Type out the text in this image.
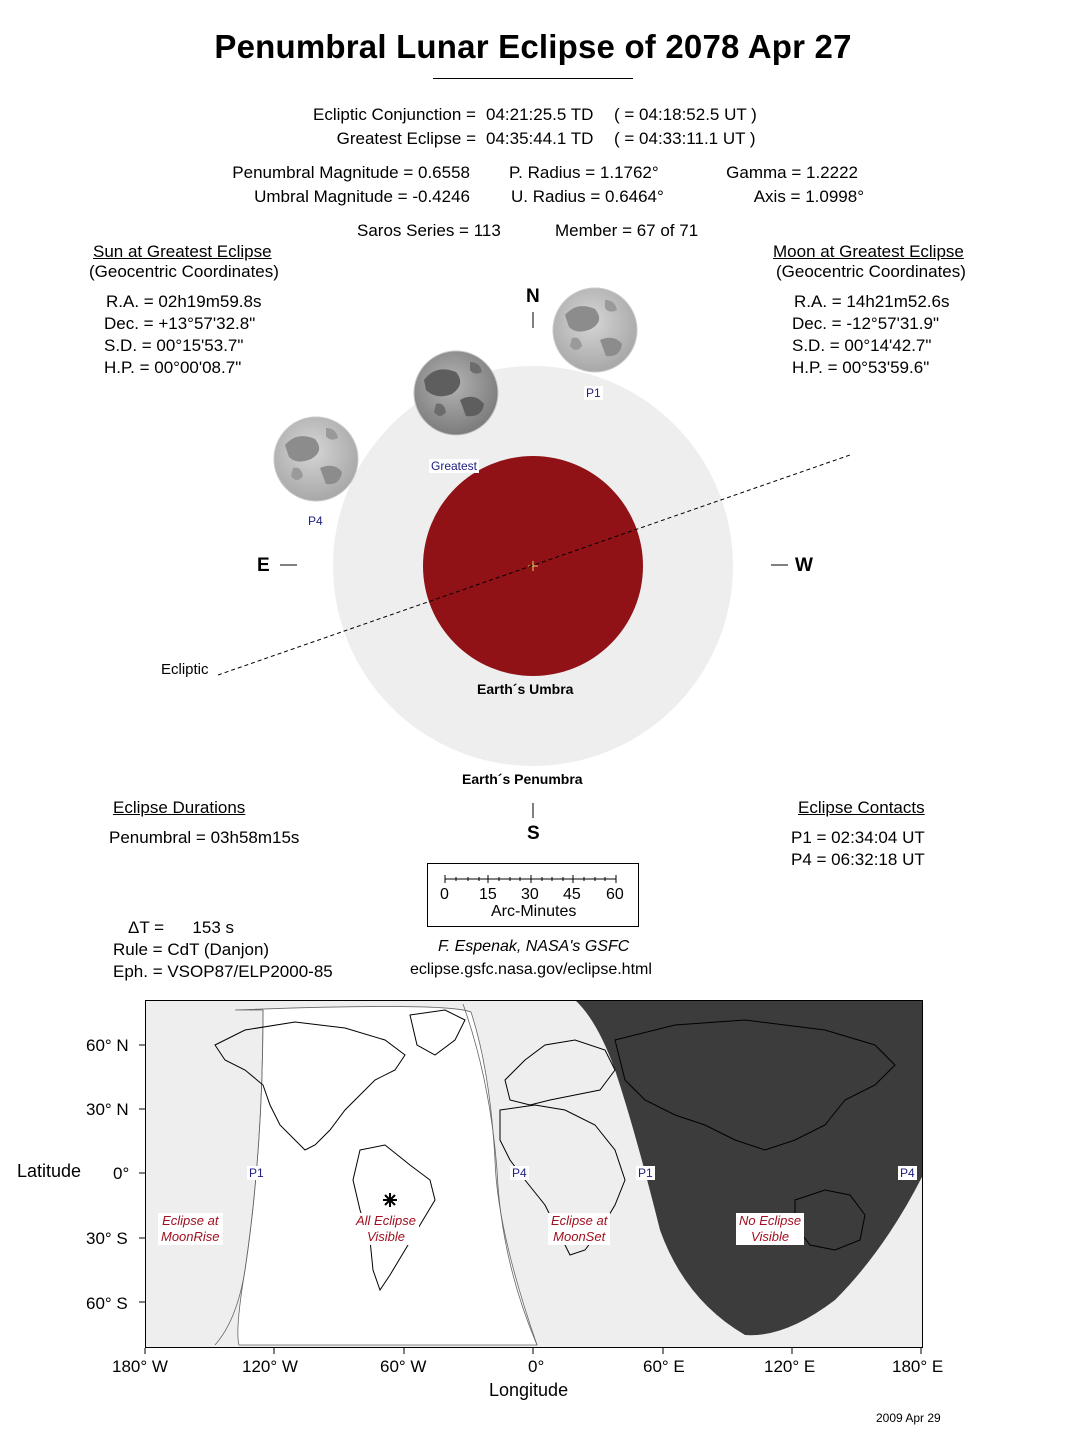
Penumbral Lunar Eclipse of 2078 Apr 27
Ecliptic Conjunction = 04:21:25.5 TD ( = 04:18:52.5 UT )
Greatest Eclipse = 04:35:44.1 TD ( = 04:33:11.1 UT )
Penumbral Magnitude = 0.6558
Umbral Magnitude = -0.4246
P. Radius = 1.1762°
U. Radius = 0.6464°
Gamma = 1.2222
Axis = 1.0998°
Saros Series = 113	Member = 67 of 71
Sun at Greatest Eclipse
(Geocentric Coordinates)
R.A. = 02h19m59.8s
Dec. = +13°57'32.8"
S.D. = 00°15'53.7"
H.P. = 00°00'08.7"
Moon at Greatest Eclipse
(Geocentric Coordinates)
R.A. = 14h21m52.6s
Dec. = -12°57'31.9"
S.D. = 00°14'42.7"
H.P. = 00°53'59.6"
N
S
E	W
P1
P4
Greatest
Ecliptic
Earth´s Umbra
Earth´s Penumbra
Eclipse Durations
Penumbral = 03h58m15s
Eclipse Contacts
P1 = 02:34:04 UT
P4 = 06:32:18 UT
0 15 30 45 60
Arc-Minutes
ΔT =      153 s
Rule = CdT (Danjon)
Eph. = VSOP87/ELP2000-85
F. Espenak, NASA's GSFC
eclipse.gsfc.nasa.gov/eclipse.html
60° N
30° N
0°
30° S
60° S
Latitude
180° W	120° W	60° W	0°	60° E	120° E	180° E
Longitude
P1	P4	P1	P4
Eclipse at
MoonRise
All Eclipse
Visible
Eclipse at
MoonSet
No Eclipse
Visible
2009 Apr 29
